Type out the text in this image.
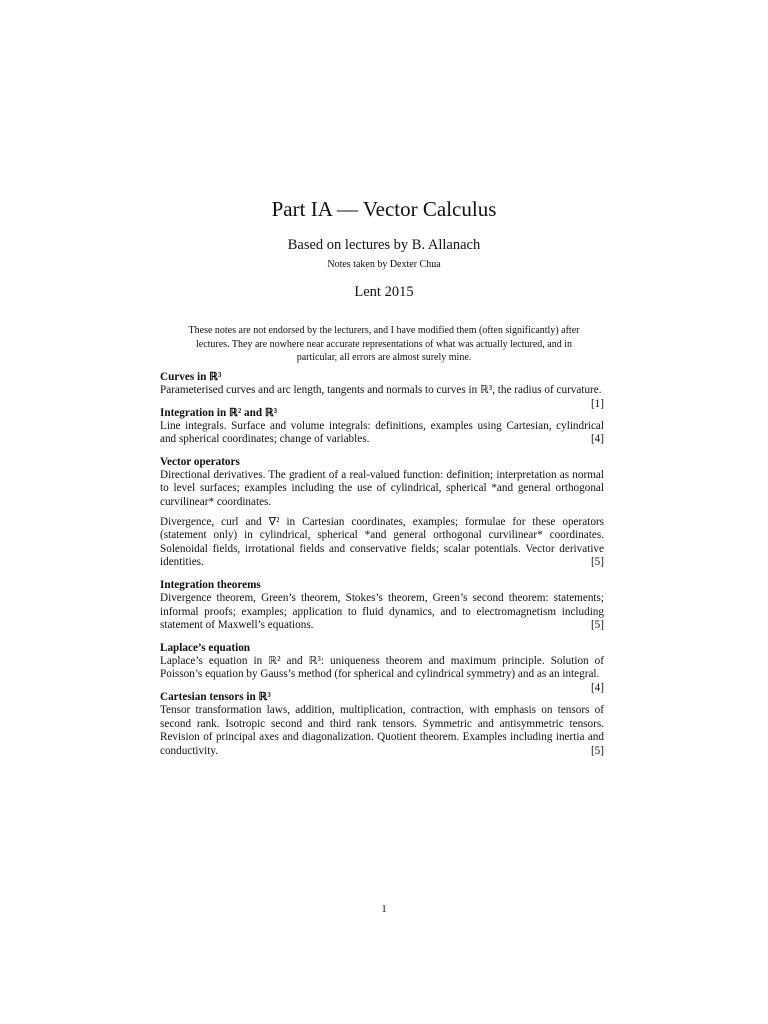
Part IA — Vector Calculus
Based on lectures by B. Allanach
Notes taken by Dexter Chua
Lent 2015
These notes are not endorsed by the lecturers, and I have modified them (often significantly) after lectures. They are nowhere near accurate representations of what was actually lectured, and in particular, all errors are almost surely mine.
Curves in ℝ³

Parameterised curves and arc length, tangents and normals to curves in ℝ³, the radius of curvature.
[1]

Integration in ℝ² and ℝ³

Line integrals. Surface and volume integrals: definitions, examples using Cartesian, cylindrical and spherical coordinates; change of variables.	[4]

Vector operators

Directional derivatives. The gradient of a real-valued function: definition; interpretation as normal to level surfaces; examples including the use of cylindrical, spherical *and general orthogonal curvilinear* coordinates.

Divergence, curl and ∇² in Cartesian coordinates, examples; formulae for these operators (statement only) in cylindrical, spherical *and general orthogonal curvilinear* coordinates. Solenoidal fields, irrotational fields and conservative fields; scalar potentials. Vector derivative identities.	[5]

Integration theorems

Divergence theorem, Green’s theorem, Stokes’s theorem, Green’s second theorem: statements; informal proofs; examples; application to fluid dynamics, and to electromagnetism including statement of Maxwell’s equations.	[5]

Laplace’s equation

Laplace’s equation in ℝ² and ℝ³: uniqueness theorem and maximum principle. Solution of Poisson’s equation by Gauss’s method (for spherical and cylindrical symmetry) and as an integral.
[4]

Cartesian tensors in ℝ³

Tensor transformation laws, addition, multiplication, contraction, with emphasis on tensors of second rank. Isotropic second and third rank tensors. Symmetric and antisymmetric tensors. Revision of principal axes and diagonalization. Quotient theorem. Examples including inertia and conductivity.	[5]

1
